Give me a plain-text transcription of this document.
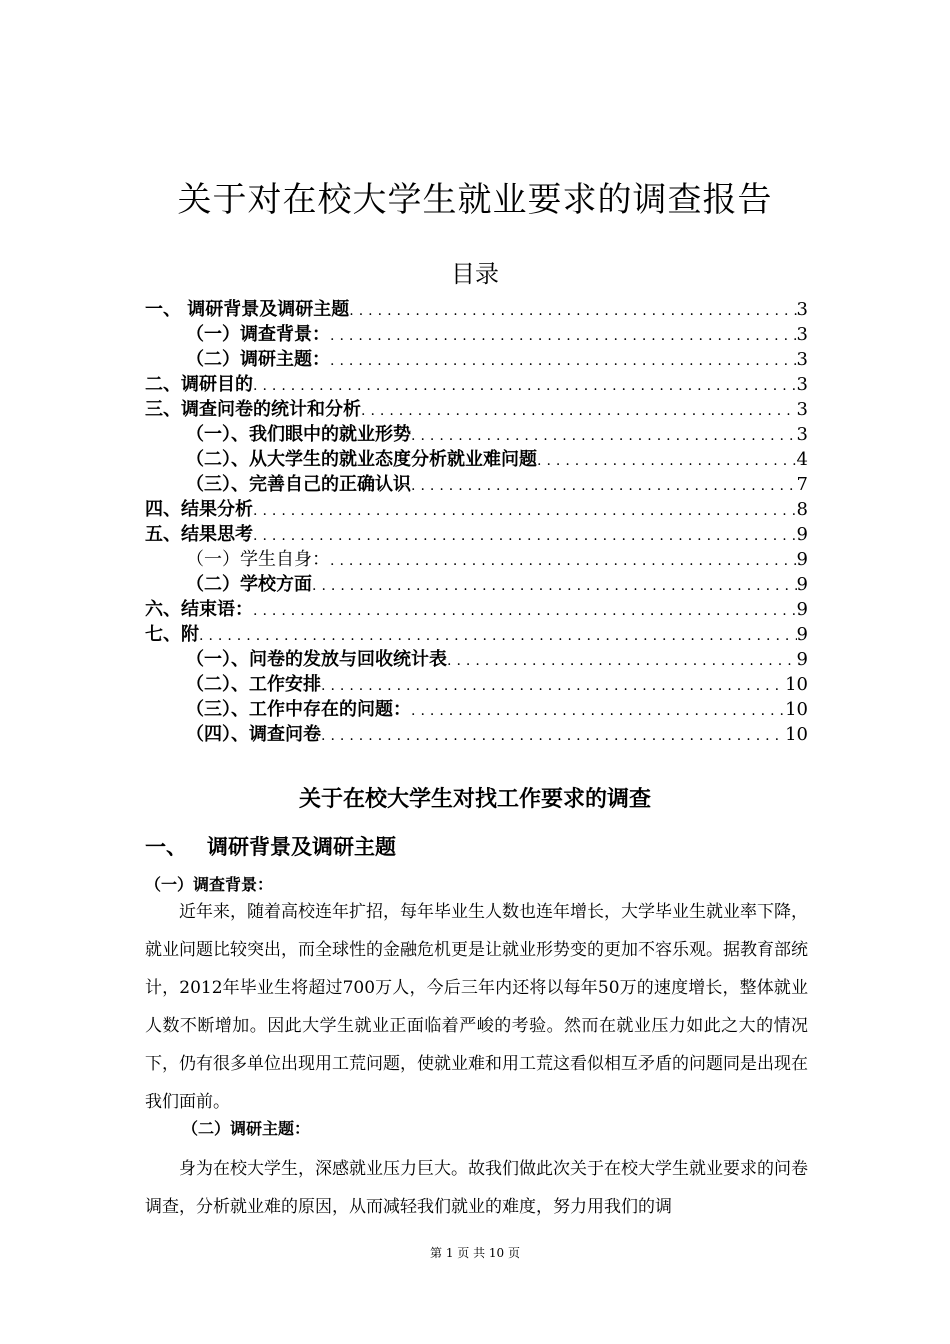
关于对在校大学生就业要求的调查报告
目录
一、 调研背景及调研主题 .....	3
（一）调查背景： .....	3
（二）调研主题： .....	3
二、调研目的 .....	3
三、调查问卷的统计和分析 .....	3
（一）、我们眼中的就业形势 .....	3
（二）、从大学生的就业态度分析就业难问题 .....	4
（三）、完善自己的正确认识 .....	7
四、结果分析 .....	8
五、结果思考 .....	9
（一）学生自身： .....	9
（二）学校方面 .....	9
六、结束语： .....	9
七、附 .....	9
（一）、问卷的发放与回收统计表 .....	9
（二）、工作安排 .....	10
（三）、工作中存在的问题： .....	10
（四）、调查问卷 .....	10
关于在校大学生对找工作要求的调查
一、 调研背景及调研主题
（一）调查背景：

近年来，随着高校连年扩招，每年毕业生人数也连年增长，大学毕业生就业率下降，就业问题比较突出，而全球性的金融危机更是让就业形势变的更加不容乐观。据教育部统计，2012年毕业生将超过700万人，今后三年内还将以每年50万的速度增长，整体就业人数不断增加。因此大学生就业正面临着严峻的考验。然而在就业压力如此之大的情况下，仍有很多单位出现用工荒问题，使就业难和用工荒这看似相互矛盾的问题同是出现在我们面前。

（二）调研主题：

身为在校大学生，深感就业压力巨大。故我们做此次关于在校大学生就业要求的问卷调查，分析就业难的原因，从而减轻我们就业的难度，努力用我们的调

第 1 页 共 10 页
